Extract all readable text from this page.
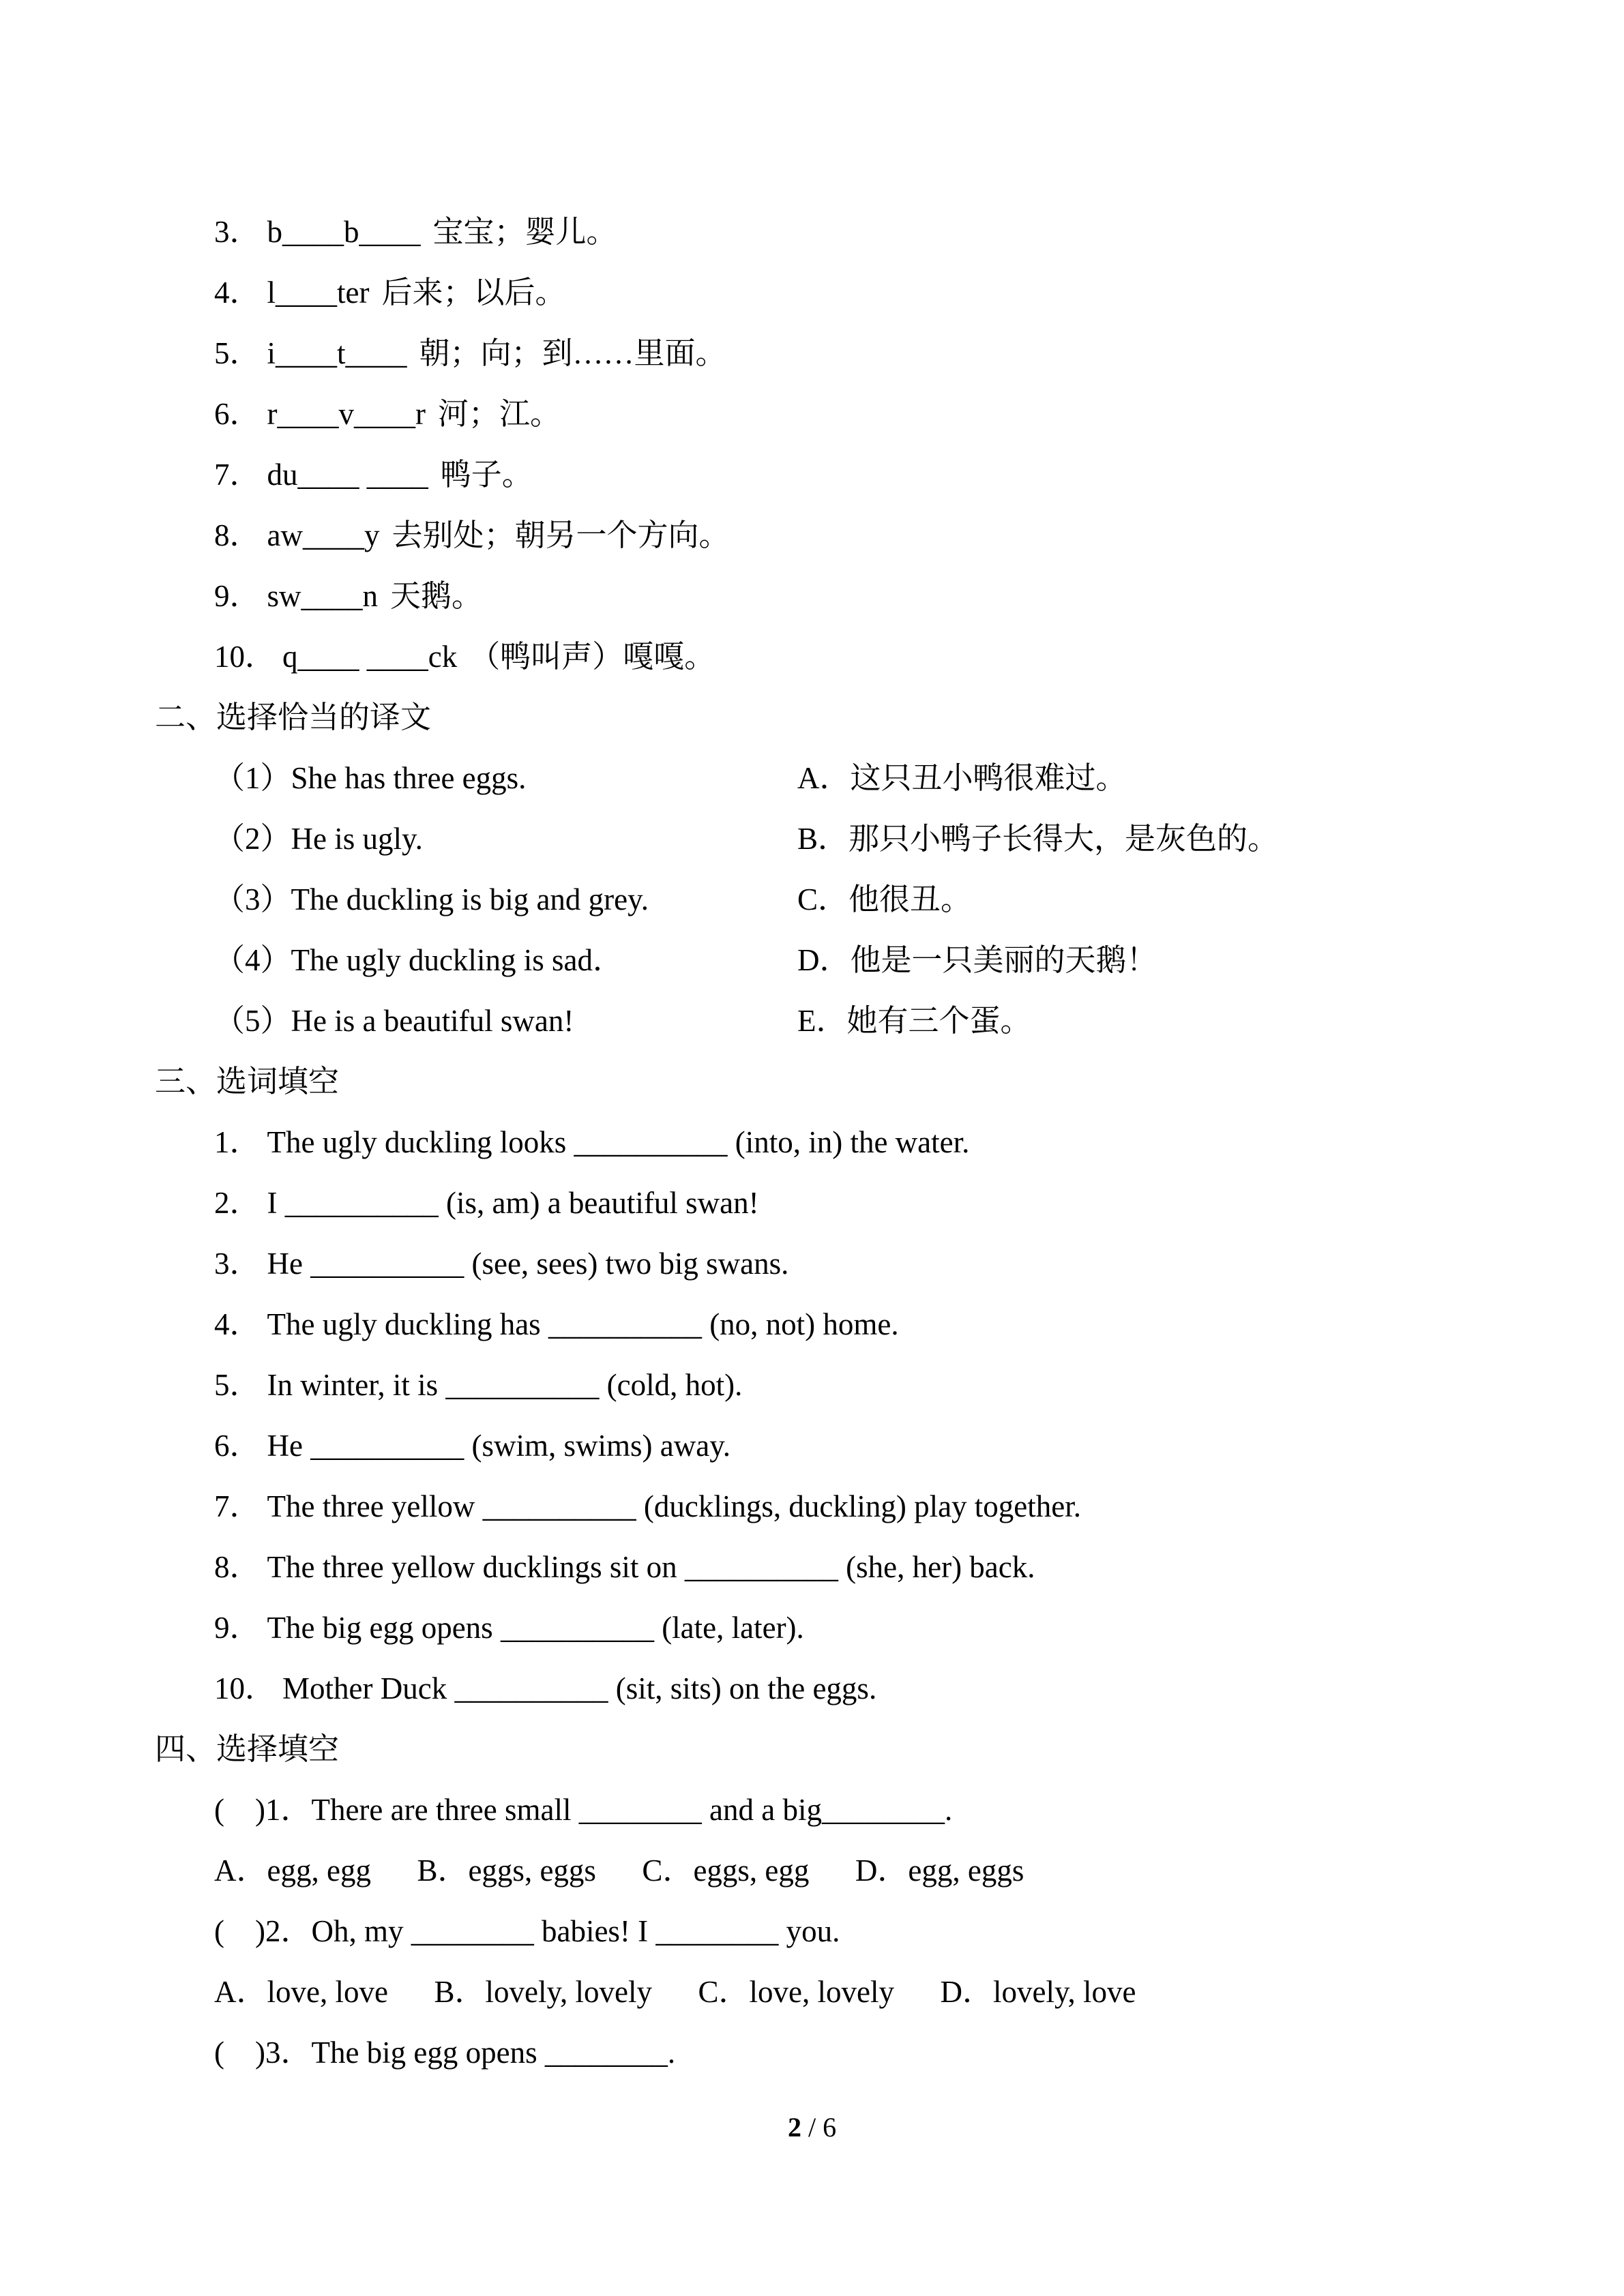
3． b____b____ 宝宝；婴儿。
4． l____ter 后来；以后。
5． i____t____ 朝；向；到……里面。
6． r____v____r 河；江。
7． du____ ____ 鸭子。
8． aw____y 去别处；朝另一个方向。
9． sw____n 天鹅。
10． q____ ____ck （鸭叫声）嘎嘎。
二、选择恰当的译文
（1）She has three eggs.	A．这只丑小鸭很难过。
（2）He is ugly.	B．那只小鸭子长得大，是灰色的。
（3）The duckling is big and grey.	C．他很丑。
（4）The ugly duckling is sad．	D．他是一只美丽的天鹅！
（5）He is a beautiful swan!	E．她有三个蛋。
三、选词填空
1． The ugly duckling looks __________ (into, in) the water.
2． I __________ (is, am) a beautiful swan!
3． He __________ (see, sees) two big swans.
4． The ugly duckling has __________ (no, not) home.
5． In winter, it is __________ (cold, hot).
6． He __________ (swim, swims) away.
7． The three yellow __________ (ducklings, duckling) play together.
8． The three yellow ducklings sit on __________ (she, her) back.
9． The big egg opens __________ (late, later).
10． Mother Duck __________ (sit, sits) on the eggs.
四、选择填空
(    )1．There are three small ________ and a big________.
A．egg, egg      B．eggs, eggs      C．eggs, egg      D．egg, eggs
(    )2．Oh, my ________ babies! I ________ you.
A．love, love      B．lovely, lovely      C．love, lovely      D．lovely, love
(    )3．The big egg opens ________.
2 / 6
